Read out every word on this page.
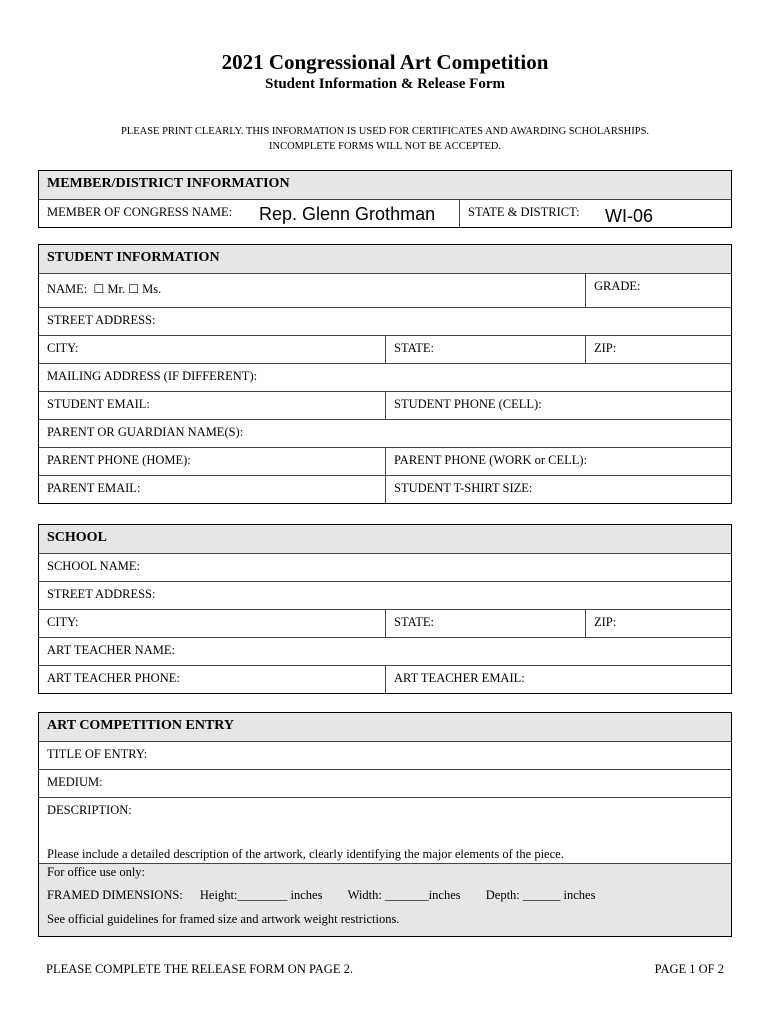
2021 Congressional Art Competition
Student Information & Release Form
PLEASE PRINT CLEARLY. THIS INFORMATION IS USED FOR CERTIFICATES AND AWARDING SCHOLARSHIPS.
INCOMPLETE FORMS WILL NOT BE ACCEPTED.
MEMBER/DISTRICT INFORMATION
MEMBER OF CONGRESS NAME: Rep. Glenn Grothman	STATE & DISTRICT: WI-06
STUDENT INFORMATION
NAME: ☐ Mr. ☐ Ms.	GRADE:
STREET ADDRESS:
CITY:	STATE:	ZIP:
MAILING ADDRESS (IF DIFFERENT):
STUDENT EMAIL:	STUDENT PHONE (CELL):
PARENT OR GUARDIAN NAME(S):
PARENT PHONE (HOME):	PARENT PHONE (WORK or CELL):
PARENT EMAIL:	STUDENT T-SHIRT SIZE:
SCHOOL
SCHOOL NAME:
STREET ADDRESS:
CITY:	STATE:	ZIP:
ART TEACHER NAME:
ART TEACHER PHONE:	ART TEACHER EMAIL:
ART COMPETITION ENTRY
TITLE OF ENTRY:
MEDIUM:
DESCRIPTION:
Please include a detailed description of the artwork, clearly identifying the major elements of the piece.
For office use only:
FRAMED DIMENSIONS: Height:________ inches Width: _______inches Depth: ______ inches
See official guidelines for framed size and artwork weight restrictions.
PLEASE COMPLETE THE RELEASE FORM ON PAGE 2.	PAGE 1 OF 2
